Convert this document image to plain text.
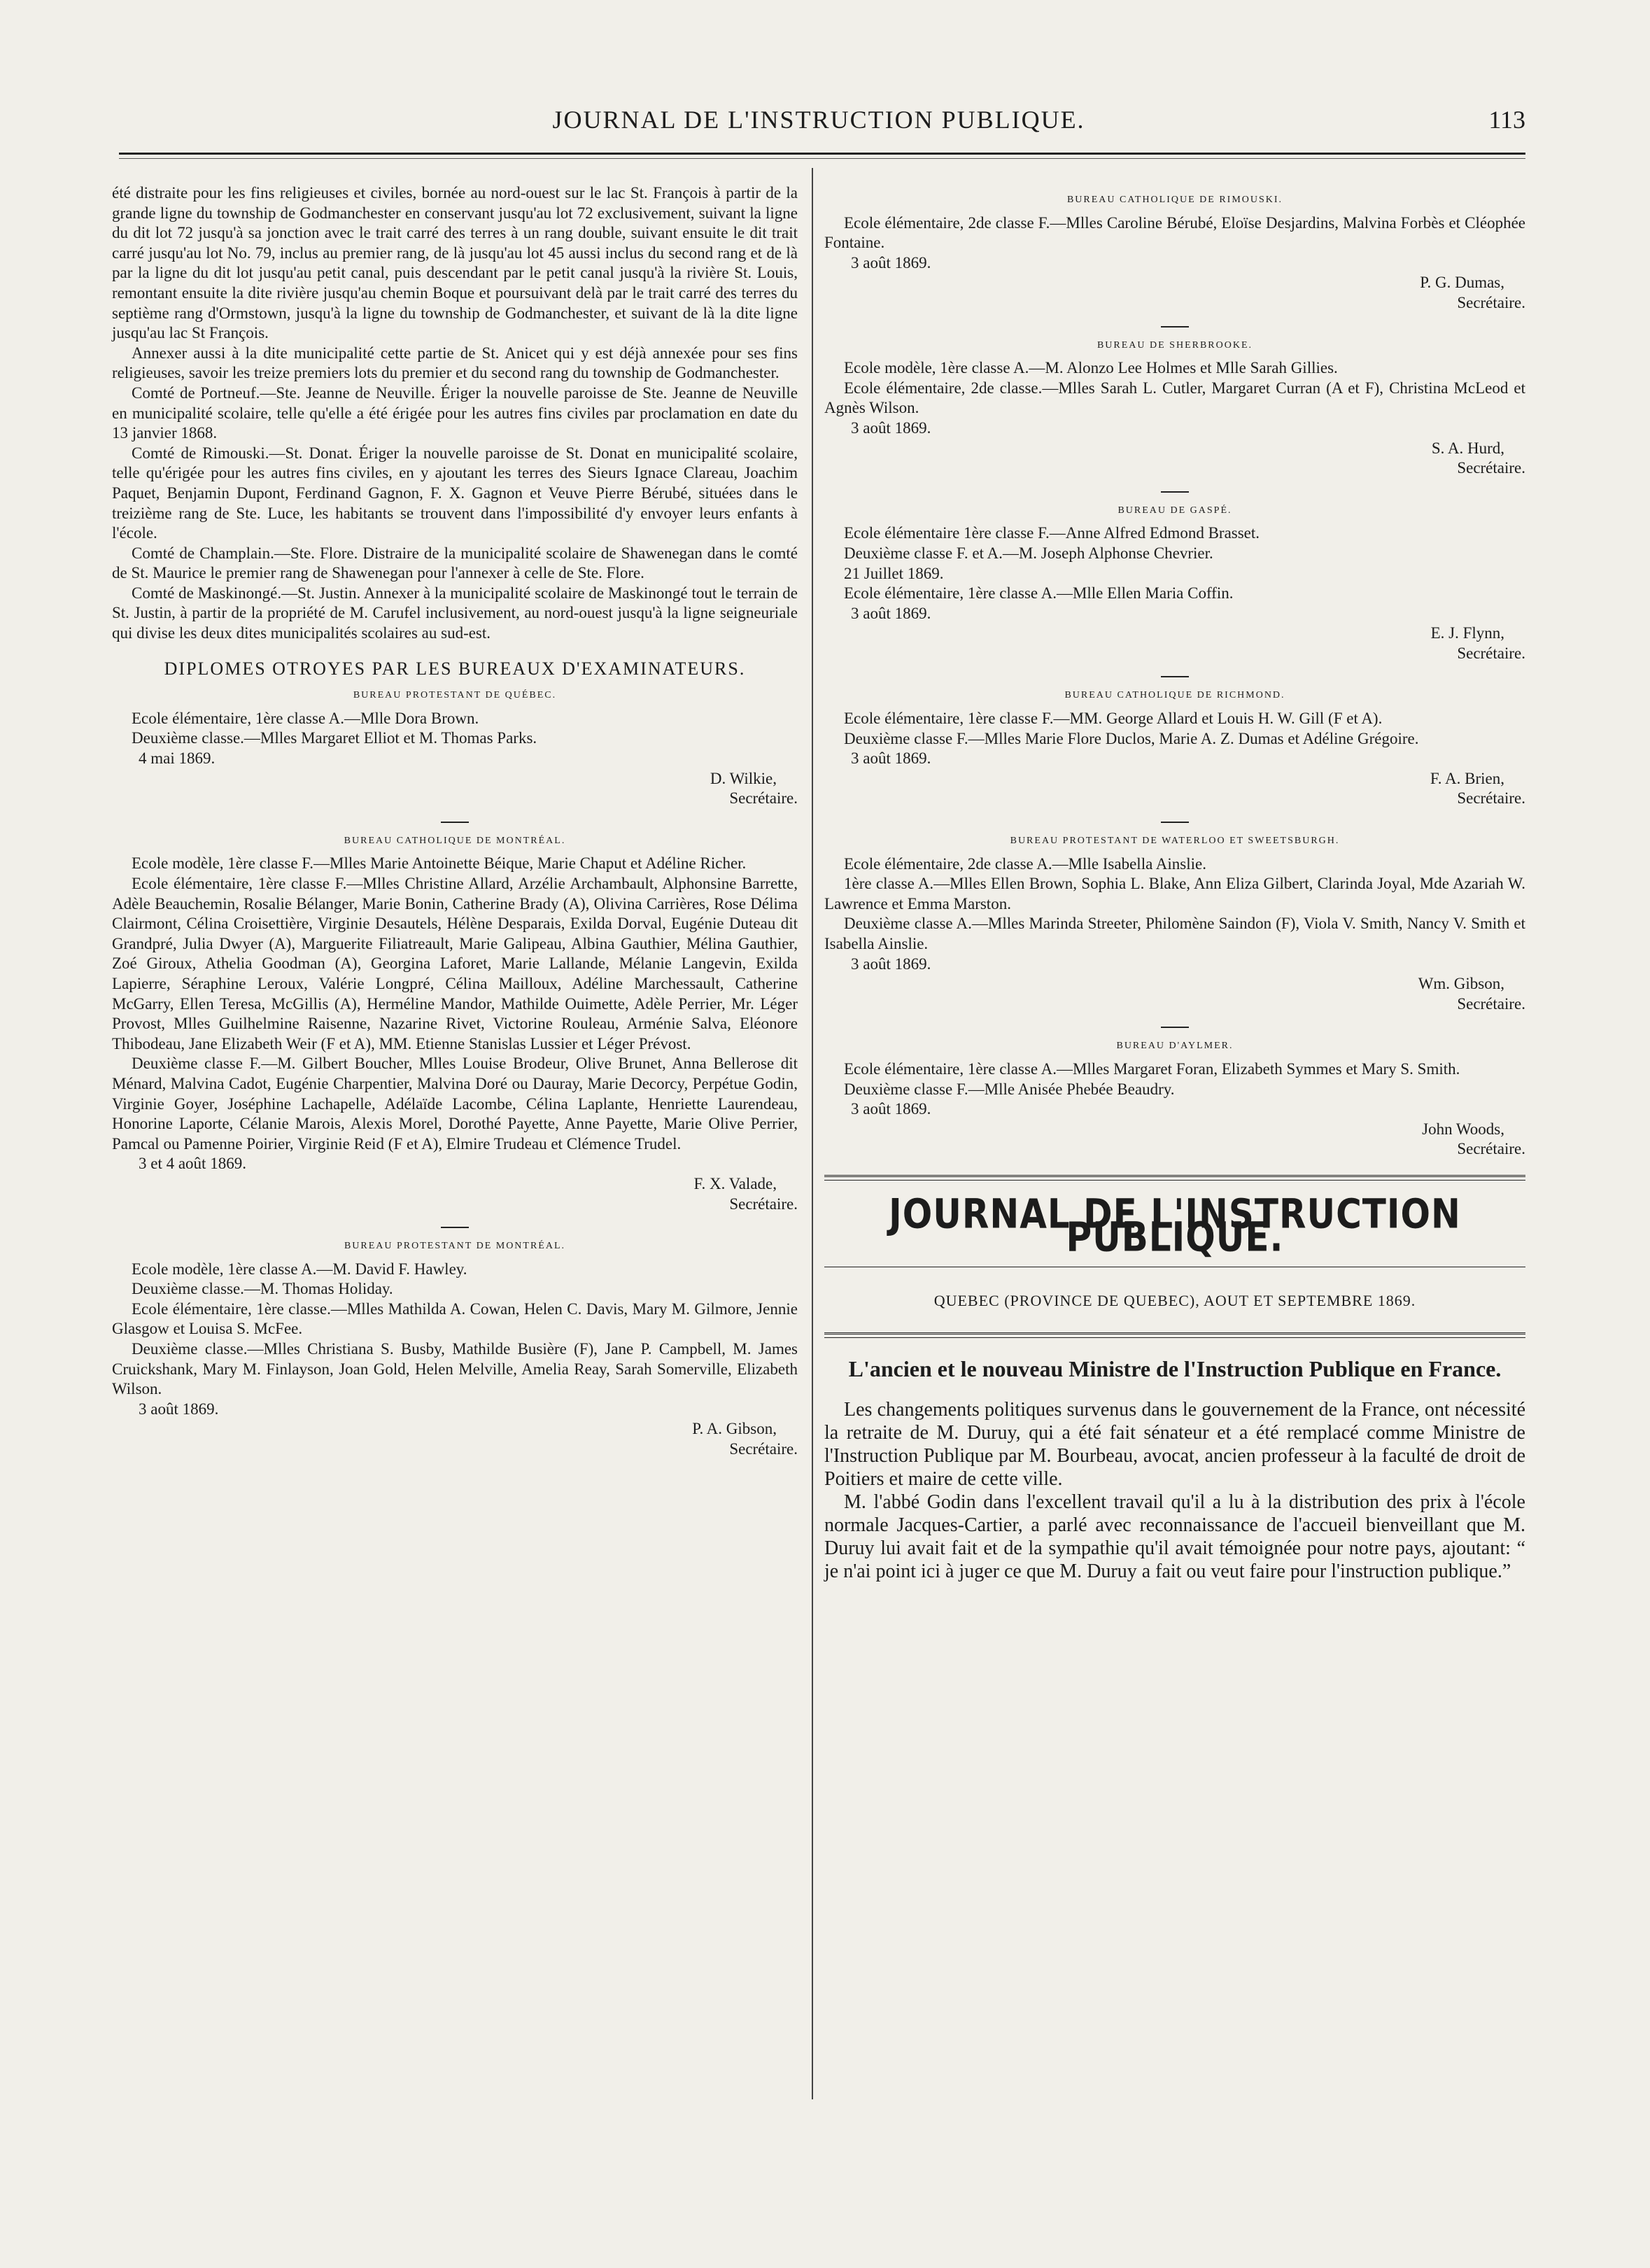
JOURNAL DE L'INSTRUCTION PUBLIQUE.	113

été distraite pour les fins religieuses et civiles, bornée au nord-ouest sur le lac St. François à partir de la grande ligne du township de Godmanchester en conservant jusqu'au lot 72 exclusivement, suivant la ligne du dit lot 72 jusqu'à sa jonction avec le trait carré des terres à un rang double, suivant ensuite le dit trait carré jusqu'au lot No. 79, inclus au premier rang, de là jusqu'au lot 45 aussi inclus du second rang et de là par la ligne du dit lot jusqu'au petit canal, puis descendant par le petit canal jusqu'à la rivière St. Louis, remontant ensuite la dite rivière jusqu'au chemin Boque et poursuivant delà par le trait carré des terres du septième rang d'Ormstown, jusqu'à la ligne du township de Godmanchester, et suivant de là la dite ligne jusqu'au lac St François.

Annexer aussi à la dite municipalité cette partie de St. Anicet qui y est déjà annexée pour ses fins religieuses, savoir les treize premiers lots du premier et du second rang du township de Godmanchester.

Comté de Portneuf.—Ste. Jeanne de Neuville. Ériger la nouvelle paroisse de Ste. Jeanne de Neuville en municipalité scolaire, telle qu'elle a été érigée pour les autres fins civiles par proclamation en date du 13 janvier 1868.

Comté de Rimouski.—St. Donat. Ériger la nouvelle paroisse de St. Donat en municipalité scolaire, telle qu'érigée pour les autres fins civiles, en y ajoutant les terres des Sieurs Ignace Clareau, Joachim Paquet, Benjamin Dupont, Ferdinand Gagnon, F. X. Gagnon et Veuve Pierre Bérubé, situées dans le treizième rang de Ste. Luce, les habitants se trouvent dans l'impossibilité d'y envoyer leurs enfants à l'école.

Comté de Champlain.—Ste. Flore. Distraire de la municipalité scolaire de Shawenegan dans le comté de St. Maurice le premier rang de Shawenegan pour l'annexer à celle de Ste. Flore.

Comté de Maskinongé.—St. Justin. Annexer à la municipalité scolaire de Maskinongé tout le terrain de St. Justin, à partir de la propriété de M. Carufel inclusivement, au nord-ouest jusqu'à la ligne seigneuriale qui divise les deux dites municipalités scolaires au sud-est.

DIPLOMES OTROYES PAR LES BUREAUX D'EXAMINATEURS.
BUREAU PROTESTANT DE QUÉBEC.

Ecole élémentaire, 1ère classe A.—Mlle Dora Brown.

Deuxième classe.—Mlles Margaret Elliot et M. Thomas Parks.

4 mai 1869.
D. Wilkie,
Secrétaire.
BUREAU CATHOLIQUE DE MONTRÉAL.

Ecole modèle, 1ère classe F.—Mlles Marie Antoinette Béique, Marie Chaput et Adéline Richer.

Ecole élémentaire, 1ère classe F.—Mlles Christine Allard, Arzélie Archambault, Alphonsine Barrette, Adèle Beauchemin, Rosalie Bélanger, Marie Bonin, Catherine Brady (A), Olivina Carrières, Rose Délima Clairmont, Célina Croisettière, Virginie Desautels, Hélène Desparais, Exilda Dorval, Eugénie Duteau dit Grandpré, Julia Dwyer (A), Marguerite Filiatreault, Marie Galipeau, Albina Gauthier, Mélina Gauthier, Zoé Giroux, Athelia Goodman (A), Georgina Laforet, Marie Lallande, Mélanie Langevin, Exilda Lapierre, Séraphine Leroux, Valérie Longpré, Célina Mailloux, Adéline Marchessault, Catherine McGarry, Ellen Teresa, McGillis (A), Herméline Mandor, Mathilde Ouimette, Adèle Perrier, Mr. Léger Provost, Mlles Guilhelmine Raisenne, Nazarine Rivet, Victorine Rouleau, Arménie Salva, Eléonore Thibodeau, Jane Elizabeth Weir (F et A), MM. Etienne Stanislas Lussier et Léger Prévost.

Deuxième classe F.—M. Gilbert Boucher, Mlles Louise Brodeur, Olive Brunet, Anna Bellerose dit Ménard, Malvina Cadot, Eugénie Charpentier, Malvina Doré ou Dauray, Marie Decorcy, Perpétue Godin, Virginie Goyer, Joséphine Lachapelle, Adélaïde Lacombe, Célina Laplante, Henriette Laurendeau, Honorine Laporte, Célanie Marois, Alexis Morel, Dorothé Payette, Anne Payette, Marie Olive Perrier, Pamcal ou Pamenne Poirier, Virginie Reid (F et A), Elmire Trudeau et Clémence Trudel.

3 et 4 août 1869.
F. X. Valade,
Secrétaire.
BUREAU PROTESTANT DE MONTRÉAL.

Ecole modèle, 1ère classe A.—M. David F. Hawley.

Deuxième classe.—M. Thomas Holiday.

Ecole élémentaire, 1ère classe.—Mlles Mathilda A. Cowan, Helen C. Davis, Mary M. Gilmore, Jennie Glasgow et Louisa S. McFee.

Deuxième classe.—Mlles Christiana S. Busby, Mathilde Busière (F), Jane P. Campbell, M. James Cruickshank, Mary M. Finlayson, Joan Gold, Helen Melville, Amelia Reay, Sarah Somerville, Elizabeth Wilson.

3 août 1869.
P. A. Gibson,
Secrétaire.
BUREAU CATHOLIQUE DE RIMOUSKI.

Ecole élémentaire, 2de classe F.—Mlles Caroline Bérubé, Eloïse Desjardins, Malvina Forbès et Cléophée Fontaine.

3 août 1869.
P. G. Dumas,
Secrétaire.
BUREAU DE SHERBROOKE.

Ecole modèle, 1ère classe A.—M. Alonzo Lee Holmes et Mlle Sarah Gillies.

Ecole élémentaire, 2de classe.—Mlles Sarah L. Cutler, Margaret Curran (A et F), Christina McLeod et Agnès Wilson.

3 août 1869.
S. A. Hurd,
Secrétaire.
BUREAU DE GASPÉ.

Ecole élémentaire 1ère classe F.—Anne Alfred Edmond Brasset.

Deuxième classe F. et A.—M. Joseph Alphonse Chevrier.

21 Juillet 1869.

Ecole élémentaire, 1ère classe A.—Mlle Ellen Maria Coffin.

3 août 1869.
E. J. Flynn,
Secrétaire.
BUREAU CATHOLIQUE DE RICHMOND.

Ecole élémentaire, 1ère classe F.—MM. George Allard et Louis H. W. Gill (F et A).

Deuxième classe F.—Mlles Marie Flore Duclos, Marie A. Z. Dumas et Adéline Grégoire.

3 août 1869.
F. A. Brien,
Secrétaire.
BUREAU PROTESTANT DE WATERLOO ET SWEETSBURGH.

Ecole élémentaire, 2de classe A.—Mlle Isabella Ainslie.

1ère classe A.—Mlles Ellen Brown, Sophia L. Blake, Ann Eliza Gilbert, Clarinda Joyal, Mde Azariah W. Lawrence et Emma Marston.

Deuxième classe A.—Mlles Marinda Streeter, Philomène Saindon (F), Viola V. Smith, Nancy V. Smith et Isabella Ainslie.

3 août 1869.
Wm. Gibson,
Secrétaire.
BUREAU D'AYLMER.

Ecole élémentaire, 1ère classe A.—Mlles Margaret Foran, Elizabeth Symmes et Mary S. Smith.

Deuxième classe F.—Mlle Anisée Phebée Beaudry.

3 août 1869.
John Woods,
Secrétaire.
JOURNAL DE L'INSTRUCTION PUBLIQUE.
QUEBEC (PROVINCE DE QUEBEC), AOUT ET SEPTEMBRE 1869.
L'ancien et le nouveau Ministre de l'Instruction Publique en France.

Les changements politiques survenus dans le gouvernement de la France, ont nécessité la retraite de M. Duruy, qui a été fait sénateur et a été remplacé comme Ministre de l'Instruction Publique par M. Bourbeau, avocat, ancien professeur à la faculté de droit de Poitiers et maire de cette ville.

M. l'abbé Godin dans l'excellent travail qu'il a lu à la distribution des prix à l'école normale Jacques-Cartier, a parlé avec reconnaissance de l'accueil bienveillant que M. Duruy lui avait fait et de la sympathie qu'il avait témoignée pour notre pays, ajoutant: “ je n'ai point ici à juger ce que M. Duruy a fait ou veut faire pour l'instruction publique.”
